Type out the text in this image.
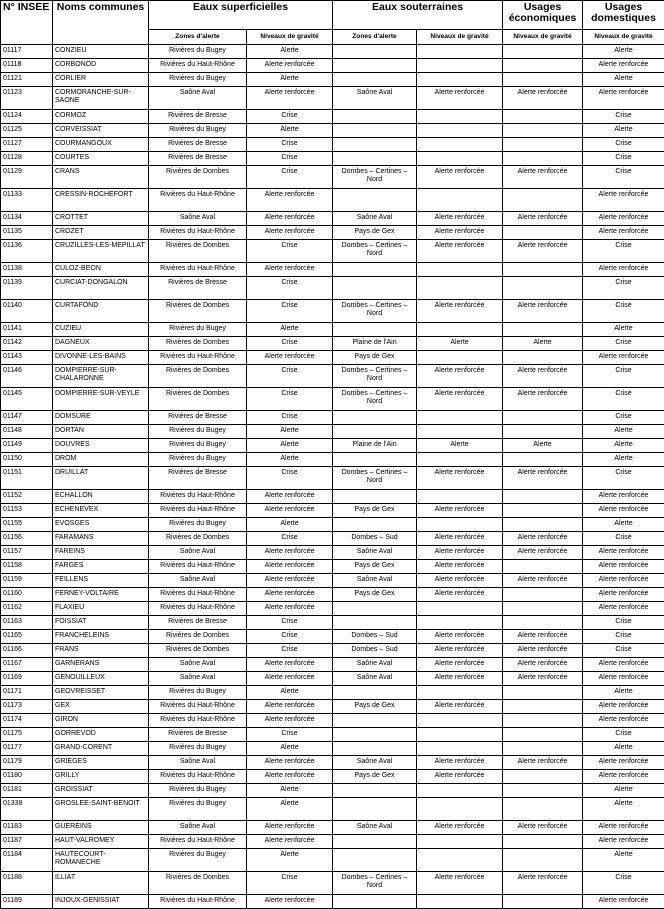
N° INSEE	Noms communes	Eaux superficielles		Eaux souterraines		Usages économiques	Usages domestiques
		Zones d'alerte	Niveaux de gravité	Zones d'alerte	Niveaux de gravité	Niveaux de gravité	Niveaux de gravité
01117	CONZIEU	Rivières du Bugey	Alerte				Alerte
01118	CORBONOD	Rivières du Haut-Rhône	Alerte renforcée				Alerte renforcée
01121	CORLIER	Rivières du Bugey	Alerte				Alerte
01123	CORMORANCHE-SUR-SAONE	Saône Aval	Alerte renforcée	Saône Aval	Alerte renforcée	Alerte renforcée	Alerte renforcée
01124	CORMOZ	Rivières de Bresse	Crise				Crise
01125	CORVEISSIAT	Rivières du Bugey	Alerte				Alerte
01127	COURMANGOUX	Rivières de Bresse	Crise				Crise
01128	COURTES	Rivières de Bresse	Crise				Crise
01129	CRANS	Rivières de Dombes	Crise	Dombes – Certines – Nord	Alerte renforcée	Alerte renforcée	Crise
01133	CRESSIN-ROCHEFORT	Rivières du Haut-Rhône	Alerte renforcée				Alerte renforcée
01134	CROTTET	Saône Aval	Alerte renforcée	Saône Aval	Alerte renforcée	Alerte renforcée	Alerte renforcée
01135	CROZET	Rivières du Haut-Rhône	Alerte renforcée	Pays de Gex	Alerte renforcée		Alerte renforcée
01136	CRUZILLES-LES-MEPILLAT	Rivières de Dombes	Crise	Dombes – Certines – Nord	Alerte renforcée	Alerte renforcée	Crise
01138	CULOZ-BEON	Rivières du Haut-Rhône	Alerte renforcée				Alerte renforcée
01139	CURCIAT-DONGALON	Rivières de Bresse	Crise				Crise
01140	CURTAFOND	Rivières de Dombes	Crise	Dombes – Certines – Nord	Alerte renforcée	Alerte renforcée	Crise
01141	CUZIEU	Rivières du Bugey	Alerte				Alerte
01142	DAGNEUX	Rivières de Dombes	Crise	Plaine de l'Ain	Alerte	Alerte	Crise
01143	DIVONNE-LES-BAINS	Rivières du Haut-Rhône	Alerte renforcée	Pays de Gex			Alerte renforcée
01146	DOMPIERRE-SUR-CHALARONNE	Rivières de Dombes	Crise	Dombes – Certines – Nord	Alerte renforcée	Alerte renforcée	Crise
01145	DOMPIERRE-SUR-VEYLE	Rivières de Dombes	Crise	Dombes – Certines – Nord	Alerte renforcée	Alerte renforcée	Crise
01147	DOMSURE	Rivières de Bresse	Crise				Crise
01148	DORTAN	Rivières du Bugey	Alerte				Alerte
01149	DOUVRES	Rivières du Bugey	Alerte	Plaine de l'Ain	Alerte	Alerte	Alerte
01150	DROM	Rivières du Bugey	Alerte				Alerte
01151	DRUILLAT	Rivières de Bresse	Crise	Dombes – Certines – Nord	Alerte renforcée	Alerte renforcée	Crise
01152	ECHALLON	Rivières du Haut-Rhône	Alerte renforcée				Alerte renforcée
01153	ECHENEVEX	Rivières du Haut-Rhône	Alerte renforcée	Pays de Gex	Alerte renforcée		Alerte renforcée
01155	EVOSGES	Rivières du Bugey	Alerte				Alerte
01156	FARAMANS	Rivières de Dombes	Crise	Dombes – Sud	Alerte renforcée	Alerte renforcée	Crise
01157	FAREINS	Saône Aval	Alerte renforcée	Saône Aval	Alerte renforcée	Alerte renforcée	Alerte renforcée
01158	FARGES	Rivières du Haut-Rhône	Alerte renforcée	Pays de Gex	Alerte renforcée		Alerte renforcée
01159	FEILLENS	Saône Aval	Alerte renforcée	Saône Aval	Alerte renforcée	Alerte renforcée	Alerte renforcée
01160	FERNEY-VOLTAIRE	Rivières du Haut-Rhône	Alerte renforcée	Pays de Gex	Alerte renforcée		Alerte renforcée
01162	FLAXIEU	Rivières du Haut-Rhône	Alerte renforcée				Alerte renforcée
01163	FOISSIAT	Rivières de Bresse	Crise				Crise
01165	FRANCHELEINS	Rivières de Dombes	Crise	Dombes – Sud	Alerte renforcée	Alerte renforcée	Crise
01166	FRANS	Rivières de Dombes	Crise	Dombes – Sud	Alerte renforcée	Alerte renforcée	Crise
01167	GARNERANS	Saône Aval	Alerte renforcée	Saône Aval	Alerte renforcée	Alerte renforcée	Alerte renforcée
01169	GENOUILLEUX	Saône Aval	Alerte renforcée	Saône Aval	Alerte renforcée	Alerte renforcée	Alerte renforcée
01171	GEOVREISSET	Rivières du Bugey	Alerte				Alerte
01173	GEX	Rivières du Haut-Rhône	Alerte renforcée	Pays de Gex	Alerte renforcée		Alerte renforcée
01174	GIRON	Rivières du Haut-Rhône	Alerte renforcée				Alerte renforcée
01175	GORREVOD	Rivières de Bresse	Crise				Crise
01177	GRAND-CORENT	Rivières du Bugey	Alerte				Alerte
01179	GRIEGES	Saône Aval	Alerte renforcée	Saône Aval	Alerte renforcée	Alerte renforcée	Alerte renforcée
01180	GRILLY	Rivières du Haut-Rhône	Alerte renforcée	Pays de Gex	Alerte renforcée		Alerte renforcée
01181	GROISSIAT	Rivières du Bugey	Alerte				Alerte
01338	GROSLEE-SAINT-BENOIT	Rivières du Bugey	Alerte				Alerte
01183	GUEREINS	Saône Aval	Alerte renforcée	Saône Aval	Alerte renforcée	Alerte renforcée	Alerte renforcée
01187	HAUT-VALROMEY	Rivières du Haut-Rhône	Alerte renforcée				Alerte renforcée
01184	HAUTECOURT-ROMANECHE	Rivières du Bugey	Alerte				Alerte
01188	ILLIAT	Rivières de Dombes	Crise	Dombes – Certines – Nord	Alerte renforcée	Alerte renforcée	Crise
01189	INJOUX-GENISSIAT	Rivières du Haut-Rhône	Alerte renforcée				Alerte renforcée
